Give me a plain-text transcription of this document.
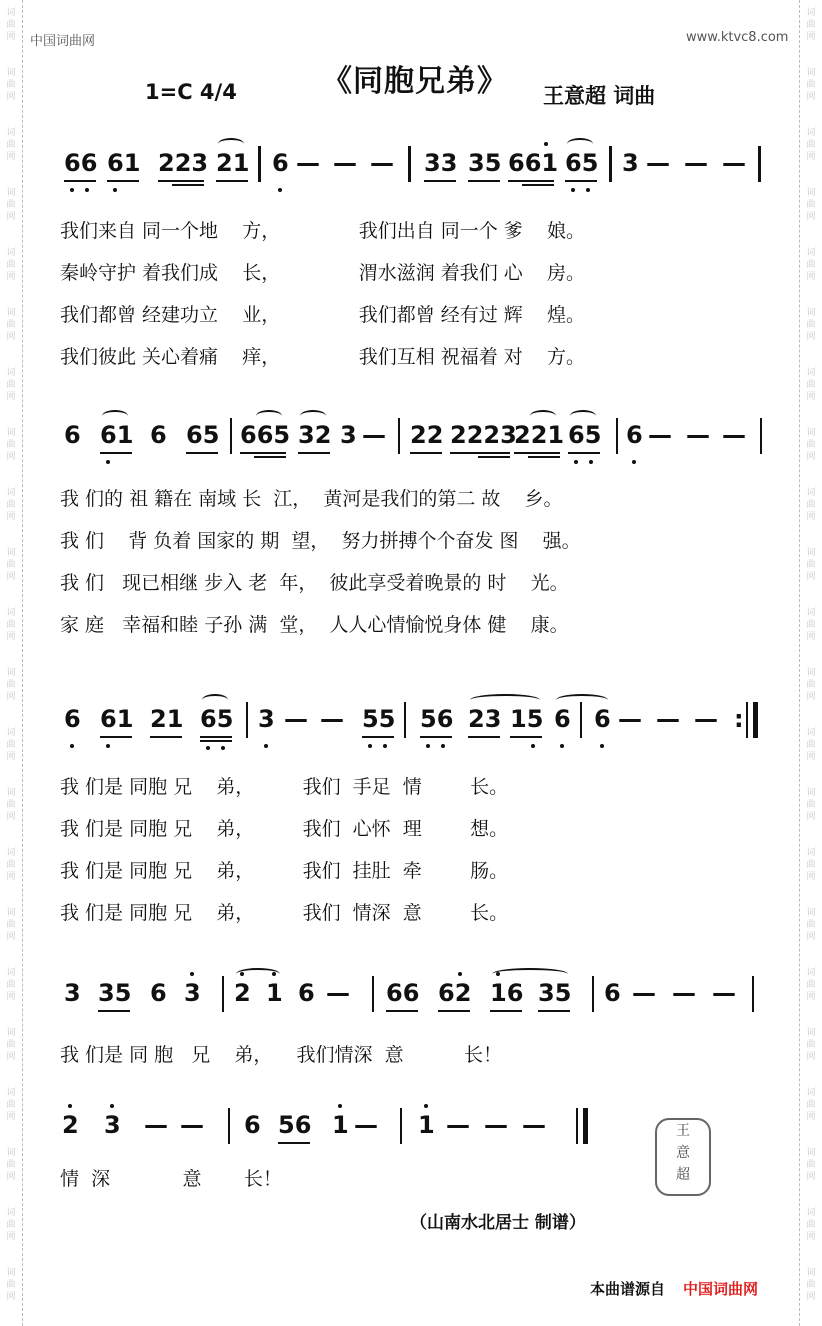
词
曲
网
词
曲
网
词
曲
网
词
曲
网
词
曲
网
词
曲
网
词
曲
网
词
曲
网
词
曲
网
词
曲
网
词
曲
网
词
曲
网
词
曲
网
词
曲
网
词
曲
网
词
曲
网
词
曲
网
词
曲
网
词
曲
网
词
曲
网
词
曲
网
词
曲
网
词
曲
网
词
曲
网
词
曲
网
词
曲
网
词
曲
网
词
曲
网
词
曲
网
词
曲
网
词
曲
网
词
曲
网
词
曲
网
词
曲
网
词
曲
网
词
曲
网
词
曲
网
词
曲
网
词
曲
网
词
曲
网
词
曲
网
词
曲
网
词
曲
网
词
曲
网
中国词曲网	www.ktvc8.com
《同胞兄弟》
1=C 4/4	王意超 词曲
66 61 223 21 6 — — — 33 35 661 65 3 — — —
我们来自 同一个地    方，             我们出自 同一个 爹    娘。
秦岭守护 着我们成    长，             渭水滋润 着我们 心    房。
我们都曾 经建功立    业，             我们都曾 经有过 辉    煌。
我们彼此 关心着痛    痒，             我们互相 祝福着 对    方。
6 61 6 65 665 32 3 — 22 2223
221 65 6 — — —
我 们的 祖 籍在 南域 长  江，  黄河是我们的第二 故    乡。
我 们    背 负着 国家的 期  望，  努力拼搏个个奋发 图    强。
我 们   现已相继 步入 老  年，  彼此享受着晚景的 时    光。
家 庭   幸福和睦 子孙 满  堂，  人人心情愉悦身体 健    康。
6 61 21 65 3 — — 55 56 23 15 6 6 — — — :
我 们是 同胞 兄    弟，        我们  手足  情        长。
我 们是 同胞 兄    弟，        我们  心怀  理        想。
我 们是 同胞 兄    弟，        我们  挂肚  牵        肠。
我 们是 同胞 兄    弟，        我们  情深  意        长。
3 35 6 3 2 1 6 — 66 62 16 35 6 — — —
我 们是 同 胞   兄    弟，    我们情深  意          长！
2 3 — — 6 56 1 — 1 — — —
情  深            意       长！
王
意
超
（山南水北居士 制谱）
本曲谱源自 中国词曲网
